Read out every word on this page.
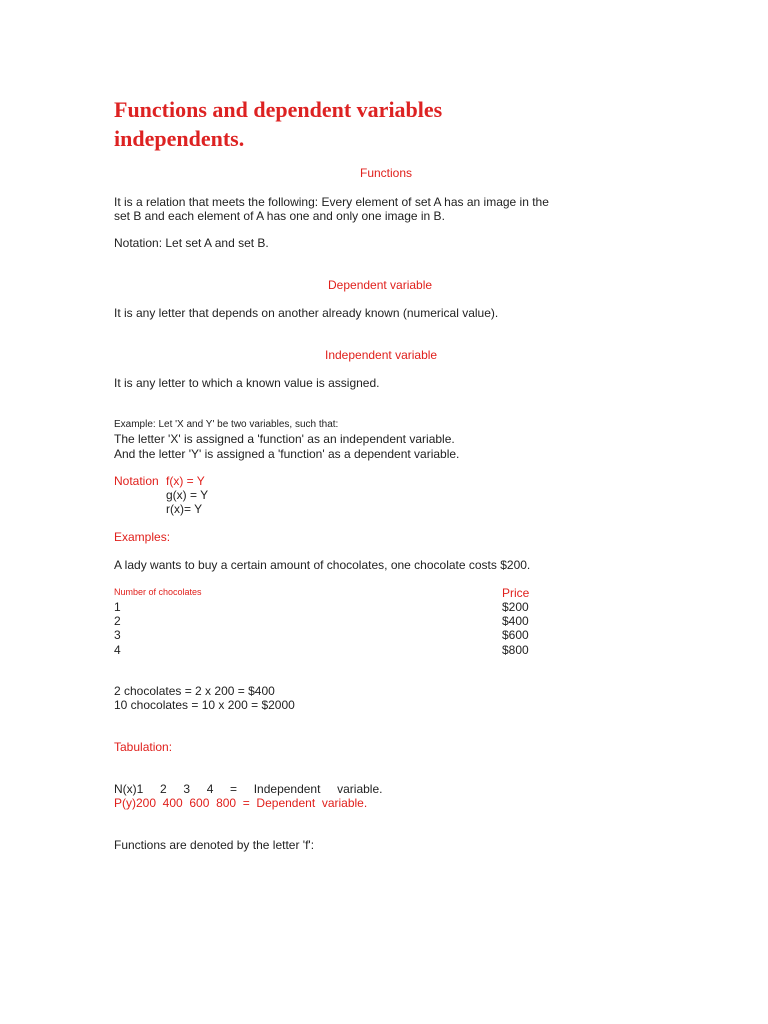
Functions and dependent variables
independents.
Functions
It is a relation that meets the following: Every element of set A has an image in the
set B and each element of A has one and only one image in B.
Notation: Let set A and set B.
Dependent variable
It is any letter that depends on another already known (numerical value).
Independent variable
It is any letter to which a known value is assigned.
Example: Let 'X and Y' be two variables, such that:
The letter 'X' is assigned a 'function' as an independent variable.
And the letter 'Y' is assigned a 'function' as a dependent variable.
Notation f(x) = Y
g(x) = Y
r(x)= Y
Examples:
A lady wants to buy a certain amount of chocolates, one chocolate costs $200.
Number of chocolates	Price
1	$200
2	$400
3	$600
4	$800
2 chocolates = 2 x 200 = $400
10 chocolates = 10 x 200 = $2000
Tabulation:
N(x)1     2     3     4     =     Independent     variable.
P(y)200  400  600  800  =  Dependent  variable.
Functions are denoted by the letter 'f':
